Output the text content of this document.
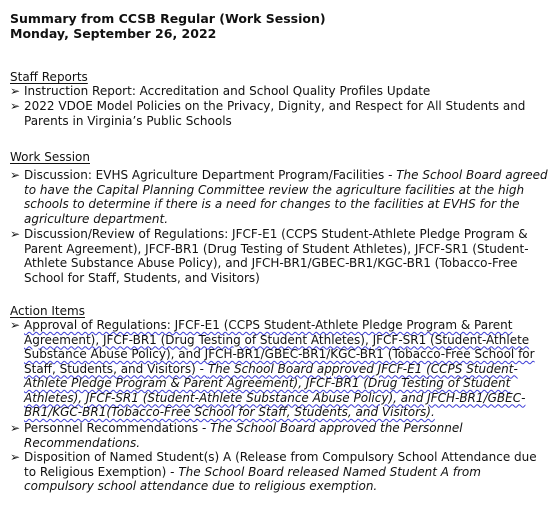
Summary from CCSB Regular (Work Session)
Monday, September 26, 2022
Staff Reports
➢ Instruction Report: Accreditation and School Quality Profiles Update
➢ 2022 VDOE Model Policies on the Privacy, Dignity, and Respect for All Students and Parents in Virginia’s Public Schools
Work Session
➢ Discussion: EVHS Agriculture Department Program/Facilities - The School Board agreed to have the Capital Planning Committee review the agriculture facilities at the high schools to determine if there is a need for changes to the facilities at EVHS for the agriculture department.
➢ Discussion/Review of Regulations: JFCF-E1 (CCPS Student-Athlete Pledge Program & Parent Agreement), JFCF-BR1 (Drug Testing of Student Athletes), JFCF-SR1 (Student-Athlete Substance Abuse Policy), and JFCH-BR1/GBEC-BR1/KGC-BR1 (Tobacco-Free School for Staff, Students, and Visitors)
Action Items
➢ Approval of Regulations: JFCF-E1 (CCPS Student-Athlete Pledge Program & Parent Agreement), JFCF-BR1 (Drug Testing of Student Athletes), JFCF-SR1 (Student-Athlete Substance Abuse Policy), and JFCH-BR1/GBEC-BR1/KGC-BR1 (Tobacco-Free School for Staff, Students, and Visitors) - The School Board approved JFCF-E1 (CCPS Student-Athlete Pledge Program & Parent Agreement), JFCF-BR1 (Drug Testing of Student Athletes), JFCF-SR1 (Student-Athlete Substance Abuse Policy), and JFCH-BR1/GBEC-BR1/KGC-BR1(Tobacco-Free School for Staff, Students, and Visitors).
➢ Personnel Recommendations - The School Board approved the Personnel Recommendations.
➢ Disposition of Named Student(s) A (Release from Compulsory School Attendance due to Religious Exemption) - The School Board released Named Student A from compulsory school attendance due to religious exemption.
